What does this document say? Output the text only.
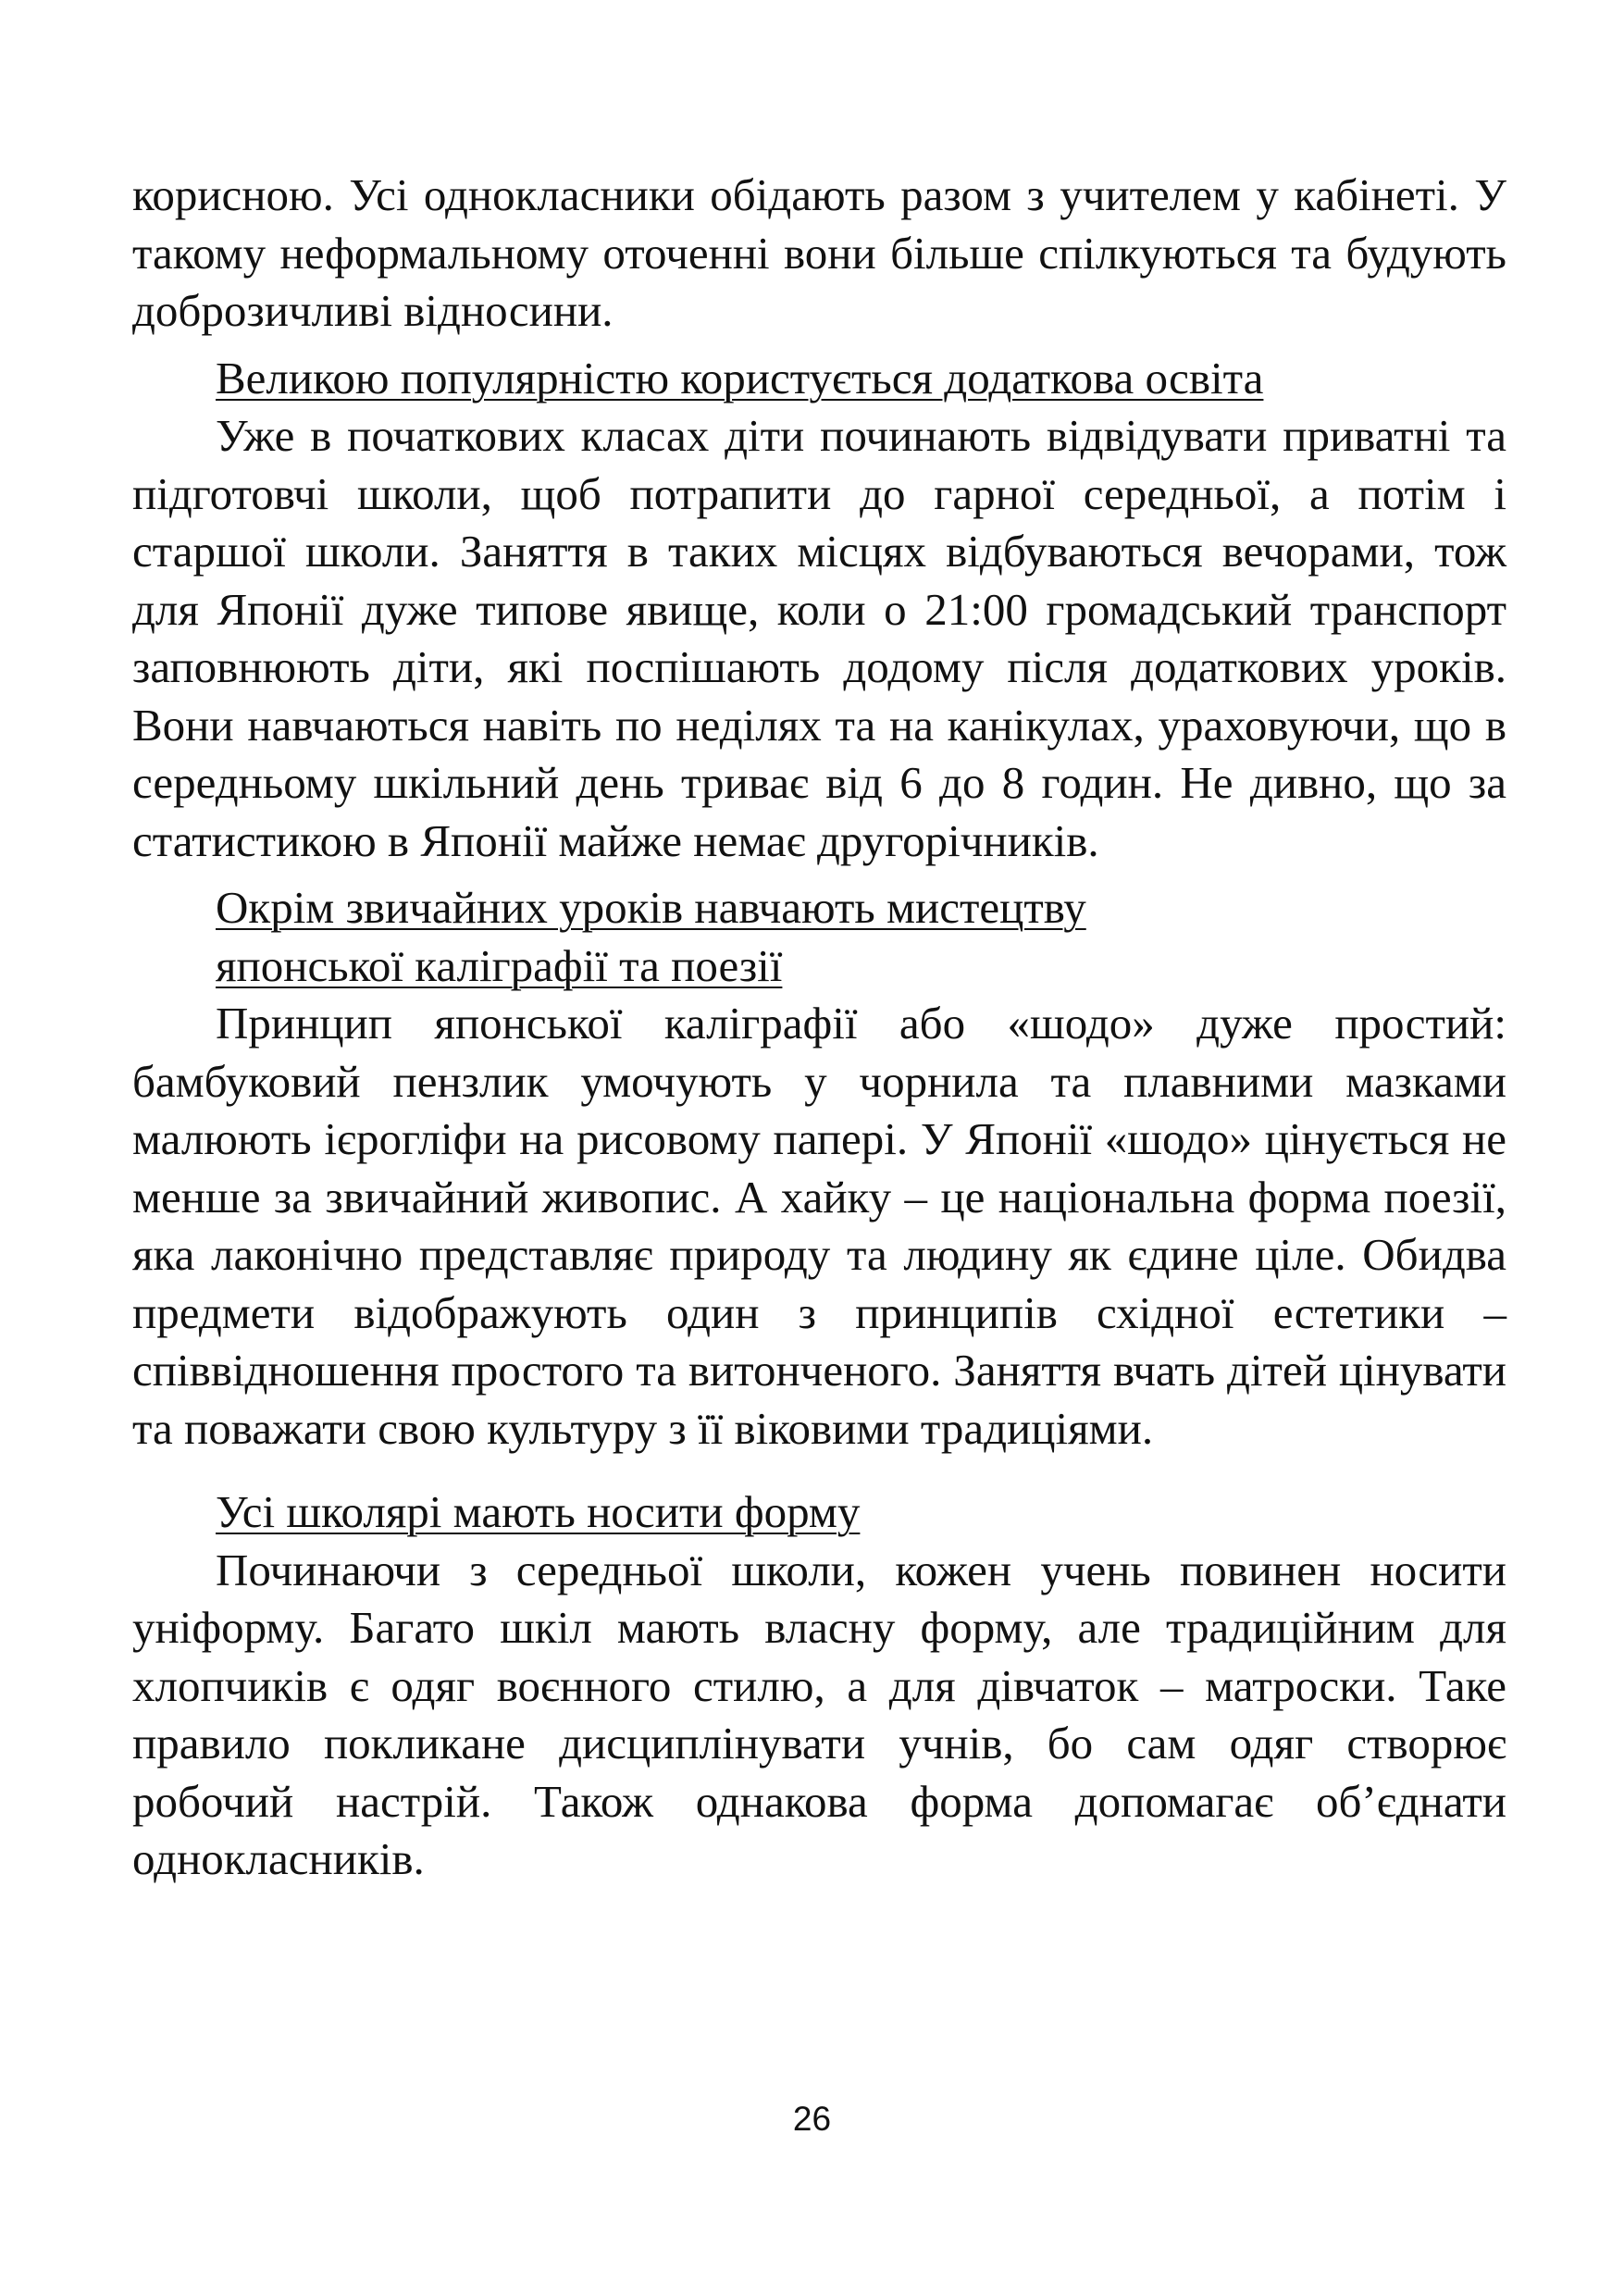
корисною. Усі однокласники обідають разом з учителем у кабінеті. У такому неформальному оточенні вони більше спілкуються та будують доброзичливі відносини.

Великою популярністю користується додаткова освіта

Уже в початкових класах діти починають відвідувати приватні та підготовчі школи, щоб потрапити до гарної середньої, а потім і старшої школи. Заняття в таких місцях відбуваються вечорами, тож для Японії дуже типове явище, коли о 21:00 громадський транспорт заповнюють діти, які поспішають додому після додаткових уроків. Вони навчаються навіть по неділях та на канікулах, ураховуючи, що в середньому шкільний день триває від 6 до 8 годин. Не дивно, що за статистикою в Японії майже немає другорічників.

Окрім звичайних уроків навчають мистецтву
японської каліграфії та поезії

Принцип японської каліграфії або «шодо» дуже простий: бамбуковий пензлик умочують у чорнила та плавними мазками малюють ієрогліфи на рисовому папері. У Японії «шодо» цінується не менше за звичайний живопис. А хайку – це національна форма поезії, яка лаконічно представляє природу та людину як єдине ціле. Обидва предмети відображують один з принципів східної естетики – співвідношення простого та витонченого. Заняття вчать дітей цінувати та поважати свою культуру з її віковими традиціями.

Усі школярі мають носити форму

Починаючи з середньої школи, кожен учень повинен носити уніформу. Багато шкіл мають власну форму, але традиційним для хлопчиків є одяг воєнного стилю, а для дівчаток – матроски. Таке правило покликане дисциплінувати учнів, бо сам одяг створює робочий настрій. Також однакова форма допомагає об’єднати однокласників.

26
